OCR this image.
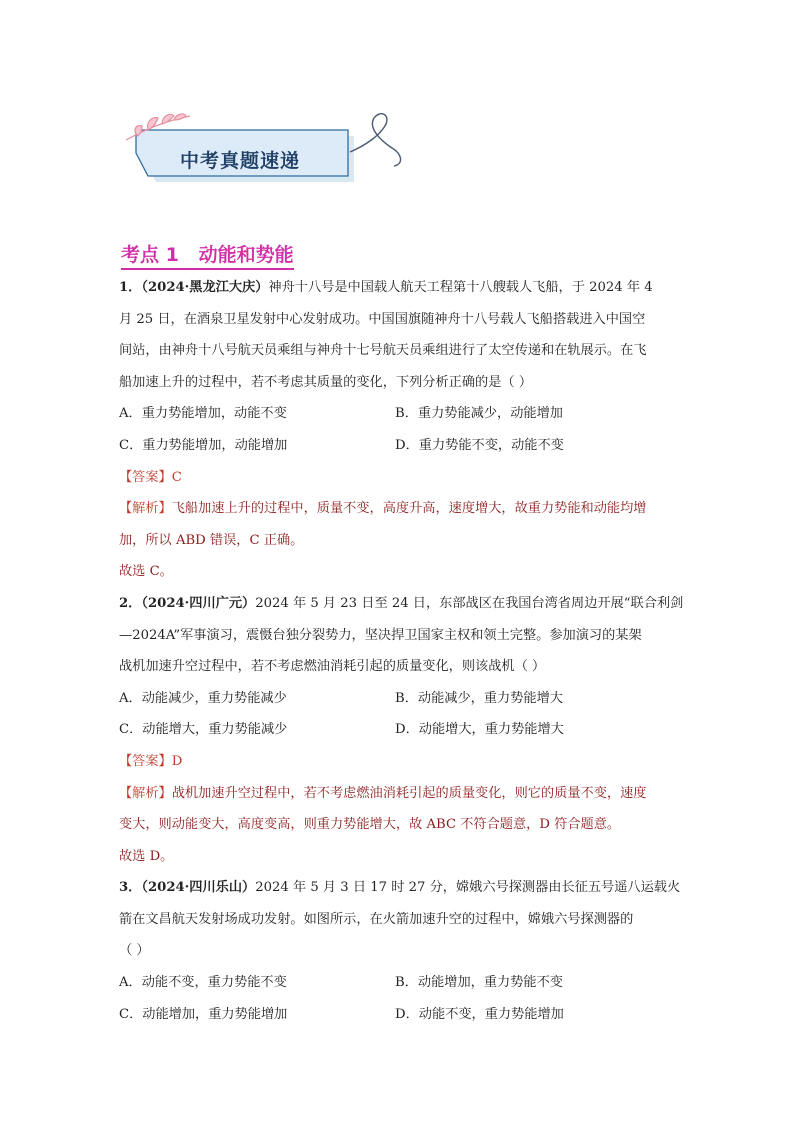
中考真题速递
考点 1   动能和势能
1．（2024·黑龙江大庆）神舟十八号是中国载人航天工程第十八艘载人飞船，于 2024 年 4
月 25 日，在酒泉卫星发射中心发射成功。中国国旗随神舟十八号载人飞船搭载进入中国空
间站，由神舟十八号航天员乘组与神舟十七号航天员乘组进行了太空传递和在轨展示。在飞
船加速上升的过程中，若不考虑其质量的变化，下列分析正确的是（ ）
A．重力势能增加，动能不变	B．重力势能减少，动能增加
C．重力势能增加，动能增加	D．重力势能不变，动能不变
【答案】C
【解析】飞船加速上升的过程中，质量不变，高度升高，速度增大，故重力势能和动能均增
加，所以 ABD 错误，C 正确。
故选 C。
2．（2024·四川广元）2024 年 5 月 23 日至 24 日，东部战区在我国台湾省周边开展“联合利剑
—2024A”军事演习，震慑台独分裂势力，坚决捍卫国家主权和领土完整。参加演习的某架
战机加速升空过程中，若不考虑燃油消耗引起的质量变化，则该战机（ ）
A．动能减少，重力势能减少	B．动能减少，重力势能增大
C．动能增大，重力势能减少	D．动能增大，重力势能增大
【答案】D
【解析】战机加速升空过程中，若不考虑燃油消耗引起的质量变化，则它的质量不变，速度
变大，则动能变大，高度变高，则重力势能增大，故 ABC 不符合题意，D 符合题意。
故选 D。
3．（2024·四川乐山）2024 年 5 月 3 日 17 时 27 分，嫦娥六号探测器由长征五号遥八运载火
箭在文昌航天发射场成功发射。如图所示，在火箭加速升空的过程中，嫦娥六号探测器的
（ ）
A．动能不变，重力势能不变	B．动能增加，重力势能不变
C．动能增加，重力势能增加	D．动能不变，重力势能增加
